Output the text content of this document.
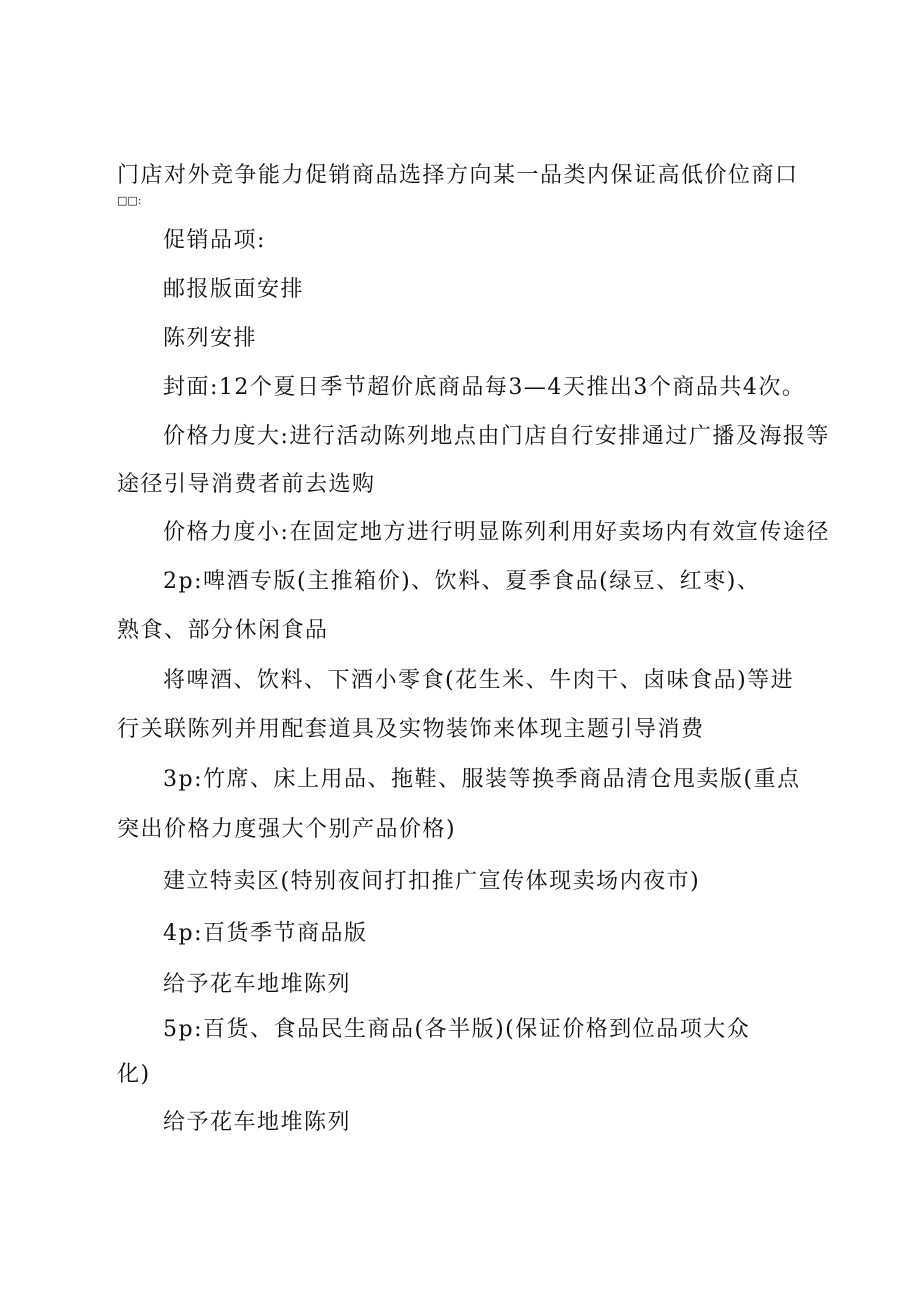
门店对外竞争能力促销商品选择方向某一品类内保证高低价位商口
□□:
促销品项:
邮报版面安排
陈列安排
封面:12个夏日季节超价底商品每3—4天推出3个商品共4次。
价格力度大:进行活动陈列地点由门店自行安排通过广播及海报等
途径引导消费者前去选购
价格力度小:在固定地方进行明显陈列利用好卖场内有效宣传途径
2p:啤酒专版(主推箱价)、饮料、夏季食品(绿豆、红枣)、
熟食、部分休闲食品
将啤酒、饮料、下酒小零食(花生米、牛肉干、卤味食品)等进
行关联陈列并用配套道具及实物装饰来体现主题引导消费
3p:竹席、床上用品、拖鞋、服装等换季商品清仓甩卖版(重点
突出价格力度强大个别产品价格)
建立特卖区(特别夜间打扣推广宣传体现卖场内夜市)
4p:百货季节商品版
给予花车地堆陈列
5p:百货、食品民生商品(各半版)(保证价格到位品项大众
化)
给予花车地堆陈列
